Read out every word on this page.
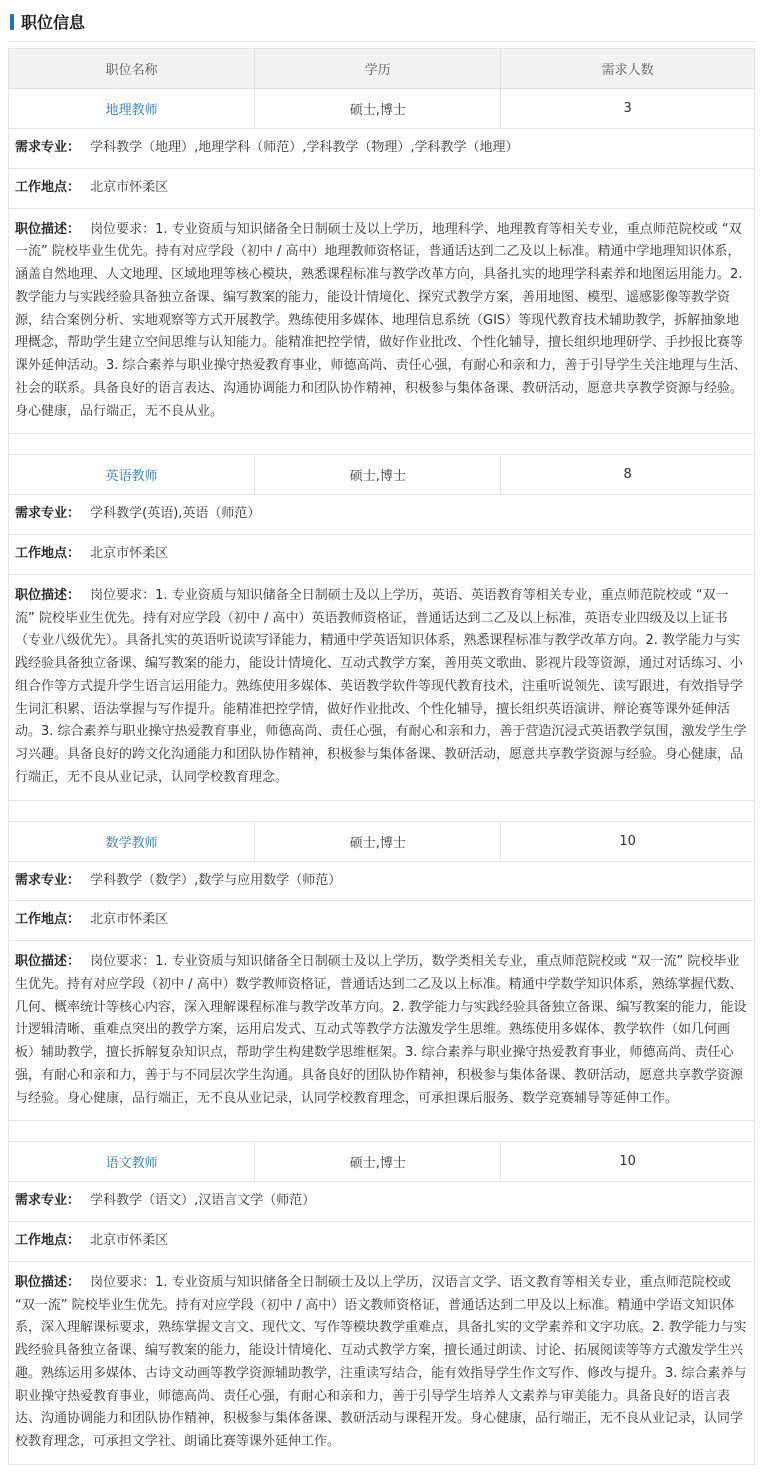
职位信息
职位名称	学历	需求人数
地理教师	硕士,博士	3
需求专业： 学科教学（地理）,地理学科（师范）,学科教学（物理）,学科教学（地理）		
工作地点： 北京市怀柔区		
职位描述： 岗位要求：1. 专业资质与知识储备全日制硕士及以上学历，地理科学、地理教育等相关专业，重点师范院校或 “双一流” 院校毕业生优先。持有对应学段（初中 / 高中）地理教师资格证，普通话达到二乙及以上标准。精通中学地理知识体系，涵盖自然地理、人文地理、区域地理等核心模块，熟悉课程标准与教学改革方向，具备扎实的地理学科素养和地图运用能力。2. 教学能力与实践经验具备独立备课、编写教案的能力，能设计情境化、探究式教学方案，善用地图、模型、遥感影像等教学资源，结合案例分析、实地观察等方式开展教学。熟练使用多媒体、地理信息系统（GIS）等现代教育技术辅助教学，拆解抽象地理概念，帮助学生建立空间思维与认知能力。能精准把控学情，做好作业批改、个性化辅导，擅长组织地理研学、手抄报比赛等课外延伸活动。3. 综合素养与职业操守热爱教育事业，师德高尚、责任心强，有耐心和亲和力，善于引导学生关注地理与生活、社会的联系。具备良好的语言表达、沟通协调能力和团队协作精神，积极参与集体备课、教研活动，愿意共享教学资源与经验。身心健康，品行端正，无不良从业。		

英语教师	硕士,博士	8
需求专业： 学科教学(英语),英语（师范）		
工作地点： 北京市怀柔区		
职位描述： 岗位要求：1. 专业资质与知识储备全日制硕士及以上学历，英语、英语教育等相关专业，重点师范院校或 “双一流” 院校毕业生优先。持有对应学段（初中 / 高中）英语教师资格证，普通话达到二乙及以上标准，英语专业四级及以上证书（专业八级优先）。具备扎实的英语听说读写译能力，精通中学英语知识体系，熟悉课程标准与教学改革方向。2. 教学能力与实践经验具备独立备课、编写教案的能力，能设计情境化、互动式教学方案，善用英文歌曲、影视片段等资源，通过对话练习、小组合作等方式提升学生语言运用能力。熟练使用多媒体、英语教学软件等现代教育技术，注重听说领先、读写跟进，有效指导学生词汇积累、语法掌握与写作提升。能精准把控学情，做好作业批改、个性化辅导，擅长组织英语演讲、辩论赛等课外延伸活动。3. 综合素养与职业操守热爱教育事业，师德高尚、责任心强，有耐心和亲和力，善于营造沉浸式英语教学氛围，激发学生学习兴趣。具备良好的跨文化沟通能力和团队协作精神，积极参与集体备课、教研活动，愿意共享教学资源与经验。身心健康，品行端正，无不良从业记录，认同学校教育理念。		

数学教师	硕士,博士	10
需求专业： 学科教学（数学）,数学与应用数学（师范）		
工作地点： 北京市怀柔区		
职位描述： 岗位要求：1. 专业资质与知识储备全日制硕士及以上学历，数学类相关专业，重点师范院校或 “双一流” 院校毕业生优先。持有对应学段（初中 / 高中）数学教师资格证，普通话达到二乙及以上标准。精通中学数学知识体系，熟练掌握代数、几何、概率统计等核心内容，深入理解课程标准与教学改革方向。2. 教学能力与实践经验具备独立备课、编写教案的能力，能设计逻辑清晰、重难点突出的教学方案，运用启发式、互动式等教学方法激发学生思维。熟练使用多媒体、教学软件（如几何画板）辅助教学，擅长拆解复杂知识点，帮助学生构建数学思维框架。3. 综合素养与职业操守热爱教育事业，师德高尚、责任心强，有耐心和亲和力，善于与不同层次学生沟通。具备良好的团队协作精神，积极参与集体备课、教研活动，愿意共享教学资源与经验。身心健康，品行端正，无不良从业记录，认同学校教育理念，可承担课后服务、数学竞赛辅导等延伸工作。		

语文教师	硕士,博士	10
需求专业： 学科教学（语文）,汉语言文学（师范）		
工作地点： 北京市怀柔区		
职位描述： 岗位要求：1. 专业资质与知识储备全日制硕士及以上学历，汉语言文学、语文教育等相关专业，重点师范院校或 “双一流” 院校毕业生优先。持有对应学段（初中 / 高中）语文教师资格证，普通话达到二甲及以上标准。精通中学语文知识体系，深入理解课标要求，熟练掌握文言文、现代文、写作等模块教学重难点，具备扎实的文学素养和文字功底。2. 教学能力与实践经验具备独立备课、编写教案的能力，能设计情境化、互动式教学方案，擅长通过朗读、讨论、拓展阅读等等方式激发学生兴趣。熟练运用多媒体、古诗文动画等教学资源辅助教学，注重读写结合，能有效指导学生作文写作、修改与提升。3. 综合素养与职业操守热爱教育事业，师德高尚、责任心强，有耐心和亲和力，善于引导学生培养人文素养与审美能力。具备良好的语言表达、沟通协调能力和团队协作精神，积极参与集体备课、教研活动与课程开发。身心健康，品行端正，无不良从业记录，认同学校教育理念，可承担文学社、朗诵比赛等课外延伸工作。		
